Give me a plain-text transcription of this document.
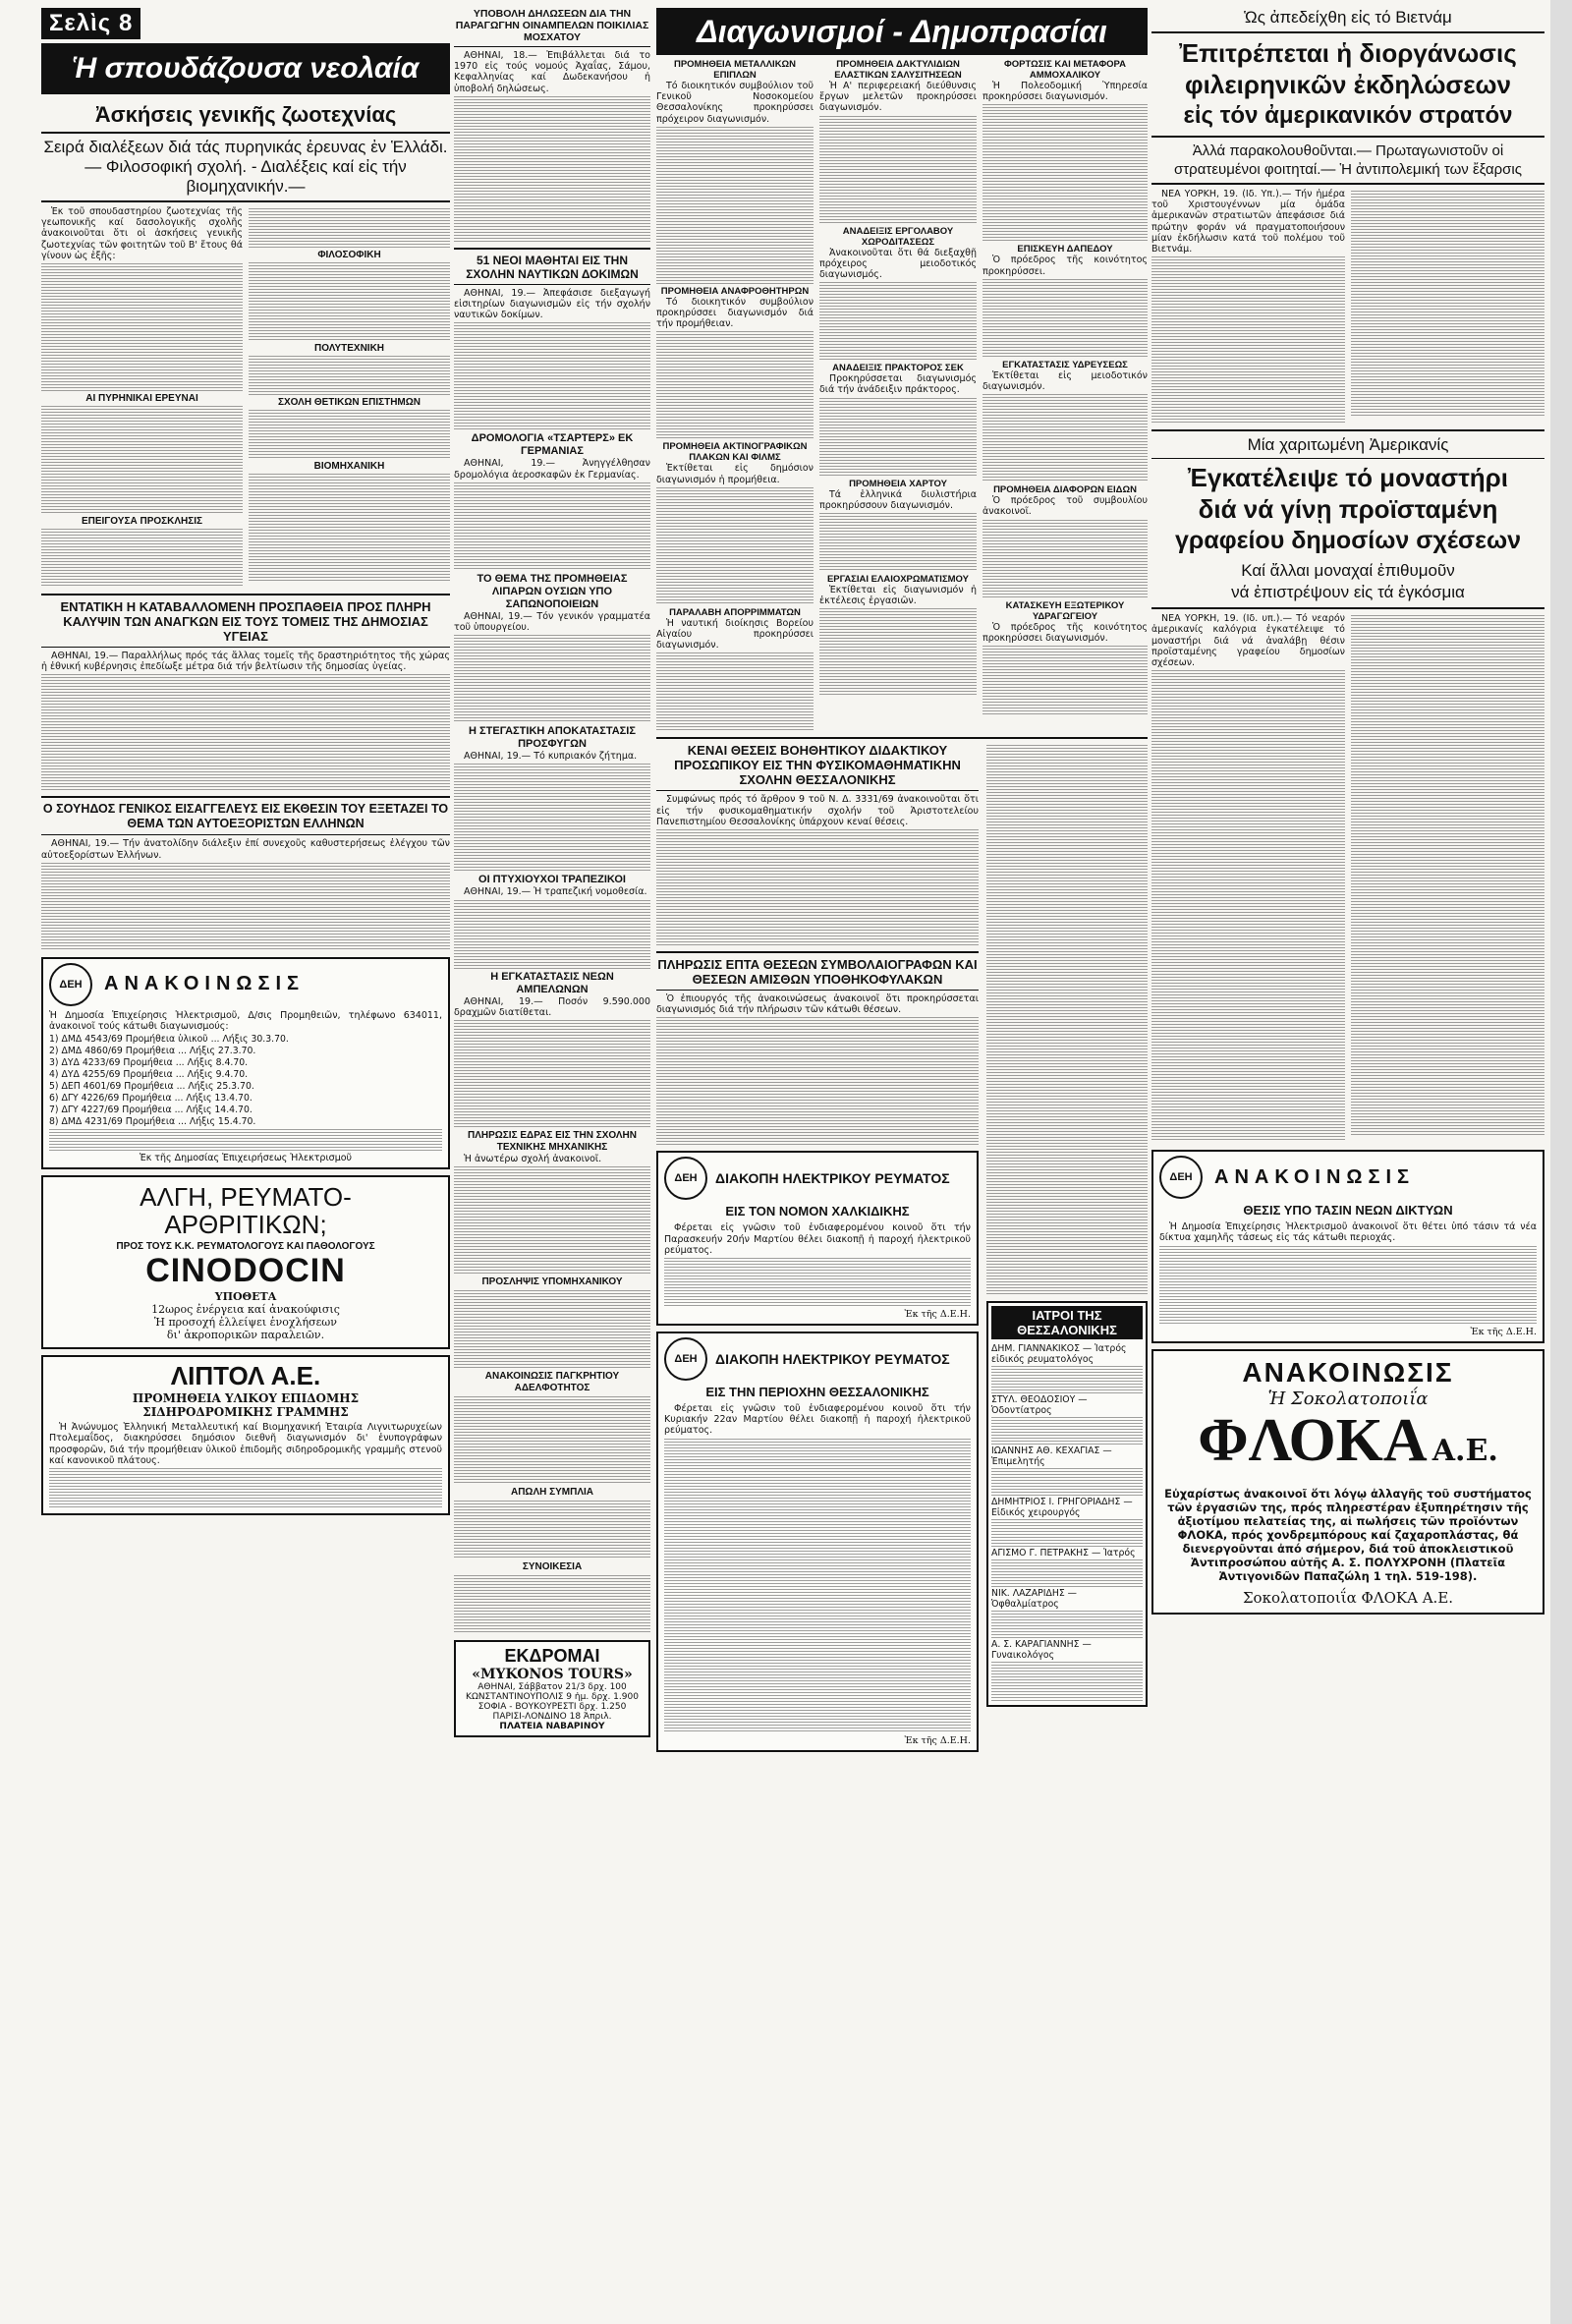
Σελὶς 8
Ἡ σπουδάζουσα νεολαία
Ἀσκήσεις γενικῆς ζωοτεχνίας
Σειρά διαλέξεων διά τάς πυρηνικάς ἐρευνας ἐν Ἑλλάδι.— Φιλοσοφική σχολή. - Διαλέξεις καί εἰς τήν βιομηχανικήν.—

Ἐκ τοῦ σπουδαστηρίου ζωοτεχνίας τῆς γεωπονικῆς καί δασολογικῆς σχολῆς ἀνακοινοῦται ὅτι οἱ ἀσκήσεις γενικῆς ζωοτεχνίας τῶν φοιτητῶν τοῦ Β' ἔτους θά γίνουν ὡς ἑξῆς:

ΑΙ ΠΥΡΗΝΙΚΑΙ ΕΡΕΥΝΑΙ
ΕΠΕΙΓΟΥΣΑ ΠΡΟΣΚΛΗΣΙΣ
ΦΙΛΟΣΟΦΙΚΗ
ΠΟΛΥΤΕΧΝΙΚΗ
ΣΧΟΛΗ ΘΕΤΙΚΩΝ ΕΠΙΣΤΗΜΩΝ
ΒΙΟΜΗΧΑΝΙΚΗ
ΕΝΤΑΤΙΚΗ Η ΚΑΤΑΒΑΛΛΟΜΕΝΗ ΠΡΟΣΠΑΘΕΙΑ ΠΡΟΣ ΠΛΗΡΗ ΚΑΛΥΨΙΝ ΤΩΝ ΑΝΑΓΚΩΝ ΕΙΣ ΤΟΥΣ ΤΟΜΕΙΣ ΤΗΣ ΔΗΜΟΣΙΑΣ ΥΓΕΙΑΣ

ΑΘΗΝΑΙ, 19.— Παραλλήλως πρός τάς ἄλλας τομεῖς τῆς δραστηριότητος τῆς χώρας ἡ ἐθνική κυβέρνησις ἐπεδίωξε μέτρα διά τήν βελτίωσιν τῆς δημοσίας ὑγείας.

Ο ΣΟΥΗΔΟΣ ΓΕΝΙΚΟΣ ΕΙΣΑΓΓΕΛΕΥΣ ΕΙΣ ΕΚΘΕΣΙΝ ΤΟΥ ΕΞΕΤΑΖΕΙ ΤΟ ΘΕΜΑ ΤΩΝ ΑΥΤΟΕΞΟΡΙΣΤΩΝ ΕΛΛΗΝΩΝ

ΑΘΗΝΑΙ, 19.— Τήν ἀνατολίδην διάλεξιν ἐπί συνεχοῦς καθυστερήσεως ἐλέγχου τῶν αὐτοεξορίστων Ἑλλήνων.

ΔΕΗ ΑΝΑΚΟΙΝΩΣΙΣ

Ἡ Δημοσία Ἐπιχείρησις Ἠλεκτρισμοῦ, Δ/σις Προμηθειῶν, τηλέφωνο 634011, ἀνακοινοῖ τούς κάτωθι διαγωνισμούς:

1) ΔΜΔ 4543/69 Προμήθεια ὑλικοῦ ... Λήξις 30.3.70.
2) ΔΜΔ 4860/69 Προμήθεια ... Λήξις 27.3.70.
3) ΔΥΔ 4233/69 Προμήθεια ... Λήξις 8.4.70.
4) ΔΥΔ 4255/69 Προμήθεια ... Λήξις 9.4.70.
5) ΔΕΠ 4601/69 Προμήθεια ... Λήξις 25.3.70.
6) ΔΓΥ 4226/69 Προμήθεια ... Λήξις 13.4.70.
7) ΔΓΥ 4227/69 Προμήθεια ... Λήξις 14.4.70.
8) ΔΜΔ 4231/69 Προμήθεια ... Λήξις 15.4.70.
Ἐκ τῆς Δημοσίας Ἐπιχειρήσεως Ἠλεκτρισμοῦ
ΑΛΓΗ, ΡΕΥΜΑΤΟ-
ΑΡΘΡΙΤΙΚΩΝ;
ΠΡΟΣ ΤΟΥΣ Κ.Κ. ΡΕΥΜΑΤΟΛΟΓΟΥΣ ΚΑΙ ΠΑΘΟΛΟΓΟΥΣ
CINODOCIN
ΥΠΟΘΕΤΑ
12ωρος ἐνέργεια καί ἀνακούφισις
Ἡ προσοχή ἐλλείψει ἐνοχλήσεων
δι' ἀκροπορικῶν παραλειῶν.
ΛΙΠΤΟΛ Α.Ε.
ΠΡΟΜΗΘΕΙΑ ΥΛΙΚΟΥ ΕΠΙΔΟΜΗΣ
ΣΙΔΗΡΟΔΡΟΜΙΚΗΣ ΓΡΑΜΜΗΣ

Ἡ Ἀνώνυμος Ἑλληνική Μεταλλευτική καί Βιομηχανική Ἑταιρία Λιγνιτωρυχείων Πτολεμαΐδος, διακηρύσσει δημόσιον διεθνῆ διαγωνισμόν δι' ἐνυπογράφων προσφορῶν, διά τήν προμήθειαν ὑλικοῦ ἐπιδομῆς σιδηροδρομικῆς γραμμῆς στενοῦ καί κανονικοῦ πλάτους.

ΥΠΟΒΟΛΗ ΔΗΛΩΣΕΩΝ ΔΙΑ ΤΗΝ ΠΑΡΑΓΩΓΗΝ ΟΙΝΑΜΠΕΛΩΝ ΠΟΙΚΙΛΙΑΣ ΜΟΣΧΑΤΟΥ

ΑΘΗΝΑΙ, 18.— Ἐπιβάλλεται διά το 1970 εἰς τούς νομούς Ἀχαΐας, Σάμου, Κεφαλληνίας καί Δωδεκανήσου ἡ ὑποβολή δηλώσεως.

51 ΝΕΟΙ ΜΑΘΗΤΑΙ ΕΙΣ ΤΗΝ ΣΧΟΛΗΝ ΝΑΥΤΙΚΩΝ ΔΟΚΙΜΩΝ

ΑΘΗΝΑΙ, 19.— Ἀπεφάσισε διεξαγωγή εἰσιτηρίων διαγωνισμῶν εἰς τήν σχολήν ναυτικῶν δοκίμων.

ΔΡΟΜΟΛΟΓΙΑ «ΤΣΑΡΤΕΡΣ» ΕΚ ΓΕΡΜΑΝΙΑΣ

ΑΘΗΝΑΙ, 19.— Ἀνηγγέλθησαν δρομολόγια ἀεροσκαφῶν ἐκ Γερμανίας.

ΤΟ ΘΕΜΑ ΤΗΣ ΠΡΟΜΗΘΕΙΑΣ ΛΙΠΑΡΩΝ ΟΥΣΙΩΝ ΥΠΟ ΣΑΠΩΝΟΠΟΙΕΙΩΝ

ΑΘΗΝΑΙ, 19.— Τόν γενικόν γραμματέα τοῦ ὑπουργείου.

Η ΣΤΕΓΑΣΤΙΚΗ ΑΠΟΚΑΤΑΣΤΑΣΙΣ ΠΡΟΣΦΥΓΩΝ

ΑΘΗΝΑΙ, 19.— Τό κυπριακόν ζήτημα.

ΟΙ ΠΤΥΧΙΟΥΧΟΙ ΤΡΑΠΕΖΙΚΟΙ

ΑΘΗΝΑΙ, 19.— Ἡ τραπεζική νομοθεσία.

Η ΕΓΚΑΤΑΣΤΑΣΙΣ ΝΕΩΝ ΑΜΠΕΛΩΝΩΝ

ΑΘΗΝΑΙ, 19.— Ποσόν 9.590.000 δραχμῶν διατίθεται.

ΠΛΗΡΩΣΙΣ ΕΔΡΑΣ ΕΙΣ ΤΗΝ ΣΧΟΛΗΝ ΤΕΧΝΙΚΗΣ ΜΗΧΑΝΙΚΗΣ

Ἡ ἀνωτέρω σχολή ἀνακοινοῖ.

ΠΡΟΣΛΗΨΙΣ ΥΠΟΜΗΧΑΝΙΚΟΥ
ΑΝΑΚΟΙΝΩΣΙΣ ΠΑΓΚΡΗΤΙΟΥ ΑΔΕΛΦΟΤΗΤΟΣ
ΑΠΩΛΗ ΣΥΜΠΛΙΑ
ΣΥΝΟΙΚΕΣΙΑ
ΕΚΔΡΟΜΑΙ
«MYKONOS TOURS»
ΑΘΗΝΑΙ, Σάββατον 21/3 δρχ. 100
ΚΩΝΣΤΑΝΤΙΝΟΥΠΟΛΙΣ 9 ἡμ. δρχ. 1.900
ΣΟΦΙΑ - ΒΟΥΚΟΥΡΕΣΤΙ δρχ. 1.250
ΠΑΡΙΣΙ-ΛΟΝΔΙΝΟ 18 Ἀπριλ.
ΠΛΑΤΕΙΑ ΝΑΒΑΡΙΝΟΥ
Διαγωνισμοί - Δημοπρασίαι
ΠΡΟΜΗΘΕΙΑ ΜΕΤΑΛΛΙΚΩΝ ΕΠΙΠΛΩΝ

Τό διοικητικόν συμβούλιον τοῦ Γενικοῦ Νοσοκομείου Θεσσαλονίκης προκηρύσσει πρόχειρον διαγωνισμόν.

ΠΡΟΜΗΘΕΙΑ ΑΝΑΦΡΟΘΗΤΗΡΩΝ

Τό διοικητικόν συμβούλιον προκηρύσσει διαγωνισμόν διά τήν προμήθειαν.

ΠΡΟΜΗΘΕΙΑ ΑΚΤΙΝΟΓΡΑΦΙΚΩΝ ΠΛΑΚΩΝ ΚΑΙ ΦΙΛΜΣ

Ἐκτίθεται εἰς δημόσιον διαγωνισμόν ἡ προμήθεια.

ΠΑΡΑΛΑΒΗ ΑΠΟΡΡΙΜΜΑΤΩΝ

Ἡ ναυτική διοίκησις Βορείου Αἰγαίου προκηρύσσει διαγωνισμόν.

ΠΡΟΜΗΘΕΙΑ ΔΑΚΤΥΛΙΔΙΩΝ ΕΛΑΣΤΙΚΩΝ ΣΑΛΥΣΙΤΗΣΕΩΝ

Ἡ Α' περιφερειακή διεύθυνσις ἔργων μελετῶν προκηρύσσει διαγωνισμόν.

ΑΝΑΔΕΙΞΙΣ ΕΡΓΟΛΑΒΟΥ ΧΩΡΟΔΙΤΑΣΕΩΣ

Ἀνακοινοῦται ὅτι θά διεξαχθῇ πρόχειρος μειοδοτικός διαγωνισμός.

ΑΝΑΔΕΙΞΙΣ ΠΡΑΚΤΟΡΟΣ ΣΕΚ

Προκηρύσσεται διαγωνισμός διά τήν ἀνάδειξιν πράκτορος.

ΠΡΟΜΗΘΕΙΑ ΧΑΡΤΟΥ

Τά ἑλληνικά διυλιστήρια προκηρύσσουν διαγωνισμόν.

ΕΡΓΑΣΙΑΙ ΕΛΑΙΟΧΡΩΜΑΤΙΣΜΟΥ

Ἐκτίθεται εἰς διαγωνισμόν ἡ ἐκτέλεσις ἐργασιῶν.

ΦΟΡΤΩΣΙΣ ΚΑΙ ΜΕΤΑΦΟΡΑ ΑΜΜΟΧΑΛΙΚΟΥ

Ἡ Πολεοδομική Ὑπηρεσία προκηρύσσει διαγωνισμόν.

ΕΠΙΣΚΕΥΗ ΔΑΠΕΔΟΥ

Ὁ πρόεδρος τῆς κοινότητος προκηρύσσει.

ΕΓΚΑΤΑΣΤΑΣΙΣ ΥΔΡΕΥΣΕΩΣ

Ἐκτίθεται εἰς μειοδοτικόν διαγωνισμόν.

ΠΡΟΜΗΘΕΙΑ ΔΙΑΦΟΡΩΝ ΕΙΔΩΝ

Ὁ πρόεδρος τοῦ συμβουλίου ἀνακοινοῖ.

ΚΑΤΑΣΚΕΥΗ ΕΞΩΤΕΡΙΚΟΥ ΥΔΡΑΓΩΓΕΙΟΥ

Ὁ πρόεδρος τῆς κοινότητος προκηρύσσει διαγωνισμόν.

ΚΕΝΑΙ ΘΕΣΕΙΣ ΒΟΗΘΗΤΙΚΟΥ ΔΙΔΑΚΤΙΚΟΥ ΠΡΟΣΩΠΙΚΟΥ ΕΙΣ ΤΗΝ ΦΥΣΙΚΟΜΑΘΗΜΑΤΙΚΗΝ ΣΧΟΛΗΝ ΘΕΣΣΑΛΟΝΙΚΗΣ

Συμφώνως πρός τό ἄρθρον 9 τοῦ Ν. Δ. 3331/69 ἀνακοινοῦται ὅτι εἰς τήν φυσικομαθηματικήν σχολήν τοῦ Ἀριστοτελείου Πανεπιστημίου Θεσσαλονίκης ὑπάρχουν κεναί θέσεις.

ΠΛΗΡΩΣΙΣ ΕΠΤΑ ΘΕΣΕΩΝ ΣΥΜΒΟΛΑΙΟΓΡΑΦΩΝ ΚΑΙ ΘΕΣΕΩΝ ΑΜΙΣΘΩΝ ΥΠΟΘΗΚΟΦΥΛΑΚΩΝ

Ὁ ἐπιουργός τῆς ἀνακοινώσεως ἀνακοινοῖ ὅτι προκηρύσσεται διαγωνισμός διά τήν πλήρωσιν τῶν κάτωθι θέσεων.

ΔΕΗ ΔΙΑΚΟΠΗ ΗΛΕΚΤΡΙΚΟΥ ΡΕΥΜΑΤΟΣ
ΕΙΣ ΤΟΝ ΝΟΜΟΝ ΧΑΛΚΙΔΙΚΗΣ

Φέρεται εἰς γνῶσιν τοῦ ἐνδιαφερομένου κοινοῦ ὅτι τήν Παρασκευήν 20ήν Μαρτίου θέλει διακοπῇ ἡ παροχή ἠλεκτρικοῦ ρεύματος.

Ἐκ τῆς Δ.Ε.Η.
ΔΕΗ ΔΙΑΚΟΠΗ ΗΛΕΚΤΡΙΚΟΥ ΡΕΥΜΑΤΟΣ
ΕΙΣ ΤΗΝ ΠΕΡΙΟΧΗΝ ΘΕΣΣΑΛΟΝΙΚΗΣ

Φέρεται εἰς γνῶσιν τοῦ ἐνδιαφερομένου κοινοῦ ὅτι τήν Κυριακήν 22αν Μαρτίου θέλει διακοπῇ ἡ παροχή ἠλεκτρικοῦ ρεύματος.

Ἐκ τῆς Δ.Ε.Η.
ΙΑΤΡΟΙ ΤΗΣ ΘΕΣΣΑΛΟΝΙΚΗΣ
ΔΗΜ. ΓΙΑΝΝΑΚΙΚΟΣ — Ἰατρός εἰδικός ρευματολόγος
ΣΤΥΛ. ΘΕΟΔΟΣΙΟΥ — Ὀδοντίατρος
ΙΩΑΝΝΗΣ ΑΘ. ΚΕΧΑΓΙΑΣ — Ἐπιμελητής
ΔΗΜΗΤΡΙΟΣ Ι. ΓΡΗΓΟΡΙΑΔΗΣ — Εἰδικός χειρουργός
ΑΓΙΣΜΟ Γ. ΠΕΤΡΑΚΗΣ — Ἰατρός
ΝΙΚ. ΛΑΖΑΡΙΔΗΣ — Ὀφθαλμίατρος
Α. Σ. ΚΑΡΑΓΙΑΝΝΗΣ — Γυναικολόγος
Ὡς ἀπεδείχθη εἰς τό Βιετνάμ
Ἐπιτρέπεται ἡ διοργάνωσις
φιλειρηνικῶν ἐκδηλώσεων
εἰς τόν ἀμερικανικόν στρατόν
Ἀλλά παρακολουθοῦνται.— Πρωταγωνιστοῦν οἱ στρατευμένοι φοιτηταί.— Ἡ ἀντιπολεμική των ἔξαρσις

ΝΕΑ ΥΟΡΚΗ, 19. (Ιδ. Υπ.).— Τήν ἡμέρα τοῦ Χριστουγέννων μία ὁμάδα ἀμερικανῶν στρατιωτῶν ἀπεφάσισε διά πρώτην φοράν νά πραγματοποιήσουν μίαν ἐκδήλωσιν κατά τοῦ πολέμου τοῦ Βιετνάμ.

Μία χαριτωμένη Ἀμερικανίς
Ἐγκατέλειψε τό μοναστήρι
διά νά γίνῃ προϊσταμένη
γραφείου δημοσίων σχέσεων
Καί ἄλλαι μοναχαί ἐπιθυμοῦν
νά ἐπιστρέψουν εἰς τά ἐγκόσμια

ΝΕΑ ΥΟΡΚΗ, 19. (Ιδ. υπ.).— Τό νεαρόν ἀμερικανίς καλόγρια ἐγκατέλειψε τό μοναστήρι διά νά ἀναλάβῃ θέσιν προϊσταμένης γραφείου δημοσίων σχέσεων.

ΔΕΗ ΑΝΑΚΟΙΝΩΣΙΣ
ΘΕΣΙΣ ΥΠΟ ΤΑΣΙΝ ΝΕΩΝ ΔΙΚΤΥΩΝ

Ἡ Δημοσία Ἐπιχείρησις Ἠλεκτρισμοῦ ἀνακοινοῖ ὅτι θέτει ὑπό τάσιν τά νέα δίκτυα χαμηλῆς τάσεως εἰς τάς κάτωθι περιοχάς.

Ἐκ τῆς Δ.Ε.Η.
ΑΝΑΚΟΙΝΩΣΙΣ
Ἡ Σοκολατοποιΐα
ΦΛΟΚΑ Α.Ε.

Εὐχαρίστως ἀνακοινοῖ ὅτι λόγῳ ἀλλαγῆς τοῦ συστήματος τῶν ἐργασιῶν της, πρός πληρεστέραν ἐξυπηρέτησιν τῆς ἀξιοτίμου πελατείας της, αἱ πωλήσεις τῶν προϊόντων ΦΛΟΚΑ, πρός χονδρεμπόρους καί ζαχαροπλάστας, θά διενεργοῦνται ἀπό σήμερον, διά τοῦ ἀποκλειστικοῦ Ἀντιπροσώπου αὐτῆς Α. Σ. ΠΟΛΥΧΡΟΝΗ (Πλατεῖα Ἀντιγονιδῶν Παπαζώλη 1 τηλ. 519-198).

Σοκολατοποιΐα ΦΛΟΚΑ Α.Ε.
